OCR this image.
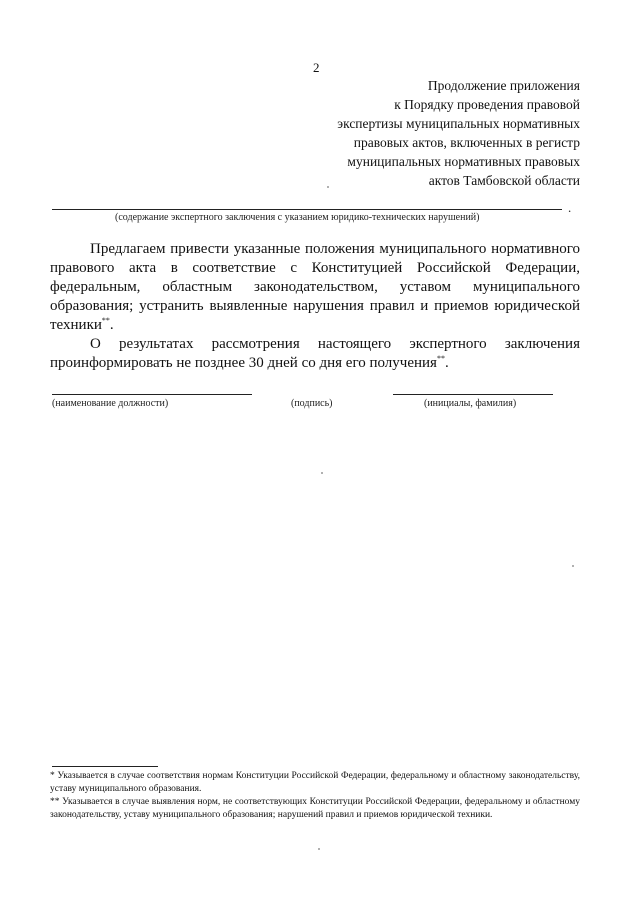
2
Продолжение приложения
к Порядку проведения правовой
экспертизы муниципальных нормативных
правовых актов, включенных в регистр
муниципальных нормативных правовых
актов Тамбовской области
.
(содержание экспертного заключения с указанием юридико-технических нарушений)

Предлагаем привести указанные положения муниципального нормативного правового акта в соответствие с Конституцией Российской Федерации, федеральным, областным законодательством, уставом муниципального образования; устранить выявленные нарушения правил и приемов юридической техники**.

О результатах рассмотрения настоящего экспертного заключения проинформировать не позднее 30 дней со дня его получения**.

(наименование должности)	(подпись)	(инициалы, фамилия)

* Указывается в случае соответствия нормам Конституции Российской Федерации, федеральному и областному законодательству, уставу муниципального образования.

** Указывается в случае выявления норм, не соответствующих Конституции Российской Федерации, федеральному и областному законодательству, уставу муниципального образования; нарушений правил и приемов юридической техники.
